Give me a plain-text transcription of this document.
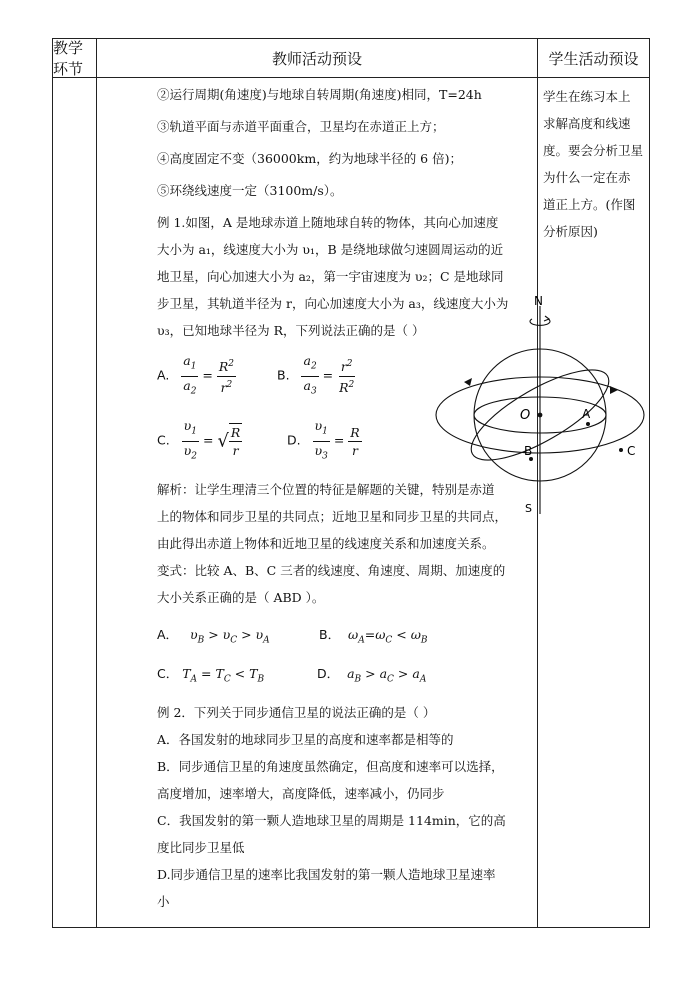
教学环节
教师活动预设	学生活动预设
学生在练习本上
求解高度和线速
度。要会分析卫星
为什么一定在赤
道正上方。(作图
分析原因)
②运行周期(角速度)与地球自转周期(角速度)相同，T=24h
③轨道平面与赤道平面重合，卫星均在赤道正上方；
④高度固定不变（36000km，约为地球半径的 6 倍)；
⑤环绕线速度一定（3100m/s）。
例 1.如图，A 是地球赤道上随地球自转的物体，其向心加速度
大小为 a₁，线速度大小为 υ₁，B 是绕地球做匀速圆周运动的近
地卫星，向心加速大小为 a₂，第一宇宙速度为 υ₂；C 是地球同
步卫星，其轨道半径为 r，向心加速度大小为 a₃，线速度大小为
υ₃，已知地球半径为 R，下列说法正确的是（ ）
A. $\frac{a_1}{a_2} = \frac{R^2}{r^2}$	B. $\frac{a_2}{a_3} = \frac{r^2}{R^2}$
C. $\frac{\upsilon_1}{\upsilon_2}$ = √ $\frac{R}{r}$	D. $\frac{\upsilon_1}{\upsilon_3} = \frac{R}{r}$
解析：让学生理清三个位置的特征是解题的关键，特别是赤道
上的物体和同步卫星的共同点；近地卫星和同步卫星的共同点，
由此得出赤道上物体和近地卫星的线速度关系和加速度关系。
变式：比较 A、B、C 三者的线速度、角速度、周期、加速度的
大小关系正确的是（ ABD ）。
A．   $\upsilon_B > \upsilon_C > \upsilon_A$	B．  $\omega_A=\omega_C < \omega_B$
C． $T_A = T_C < T_B$	D．  $a_B > a_C > a_A$
例 2．下列关于同步通信卫星的说法正确的是（ ）
A．各国发射的地球同步卫星的高度和速率都是相等的
B．同步通信卫星的角速度虽然确定，但高度和速率可以选择，
高度增加，速率增大，高度降低，速率减小，仍同步
C．我国发射的第一颗人造地球卫星的周期是 114min，它的高
度比同步卫星低
D.同步通信卫星的速率比我国发射的第一颗人造地球卫星速率
小
N
S
O	A
B	C
